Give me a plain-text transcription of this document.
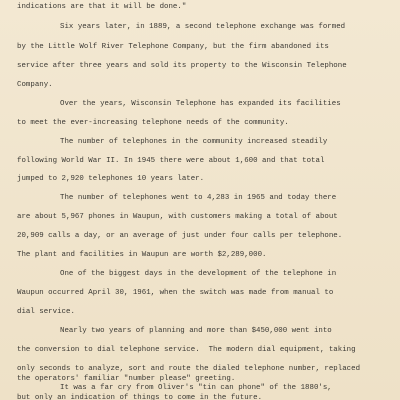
indications are that it will be done."
Six years later, in 1889, a second telephone exchange was formed
by the Little Wolf River Telephone Company, but the firm abandoned its
service after three years and sold its property to the Wisconsin Telephone
Company.
Over the years, Wisconsin Telephone has expanded its facilities
to meet the ever-increasing telephone needs of the community.
The number of telephones in the community increased steadily
following World War II. In 1945 there were about 1,600 and that total
jumped to 2,920 telephones 10 years later.
The number of telephones went to 4,283 in 1965 and today there
are about 5,967 phones in Waupun, with customers making a total of about
20,909 calls a day, or an average of just under four calls per telephone.
The plant and facilities in Waupun are worth $2,289,000.
One of the biggest days in the development of the telephone in
Waupun occurred April 30, 1961, when the switch was made from manual to
dial service.
Nearly two years of planning and more than $450,000 went into
the conversion to dial telephone service.  The modern dial equipment, taking
only seconds to analyze, sort and route the dialed telephone number, replaced
the operators' familiar "number please" greeting.
It was a far cry from Oliver's "tin can phone" of the 1880's,
but only an indication of things to come in the future.
